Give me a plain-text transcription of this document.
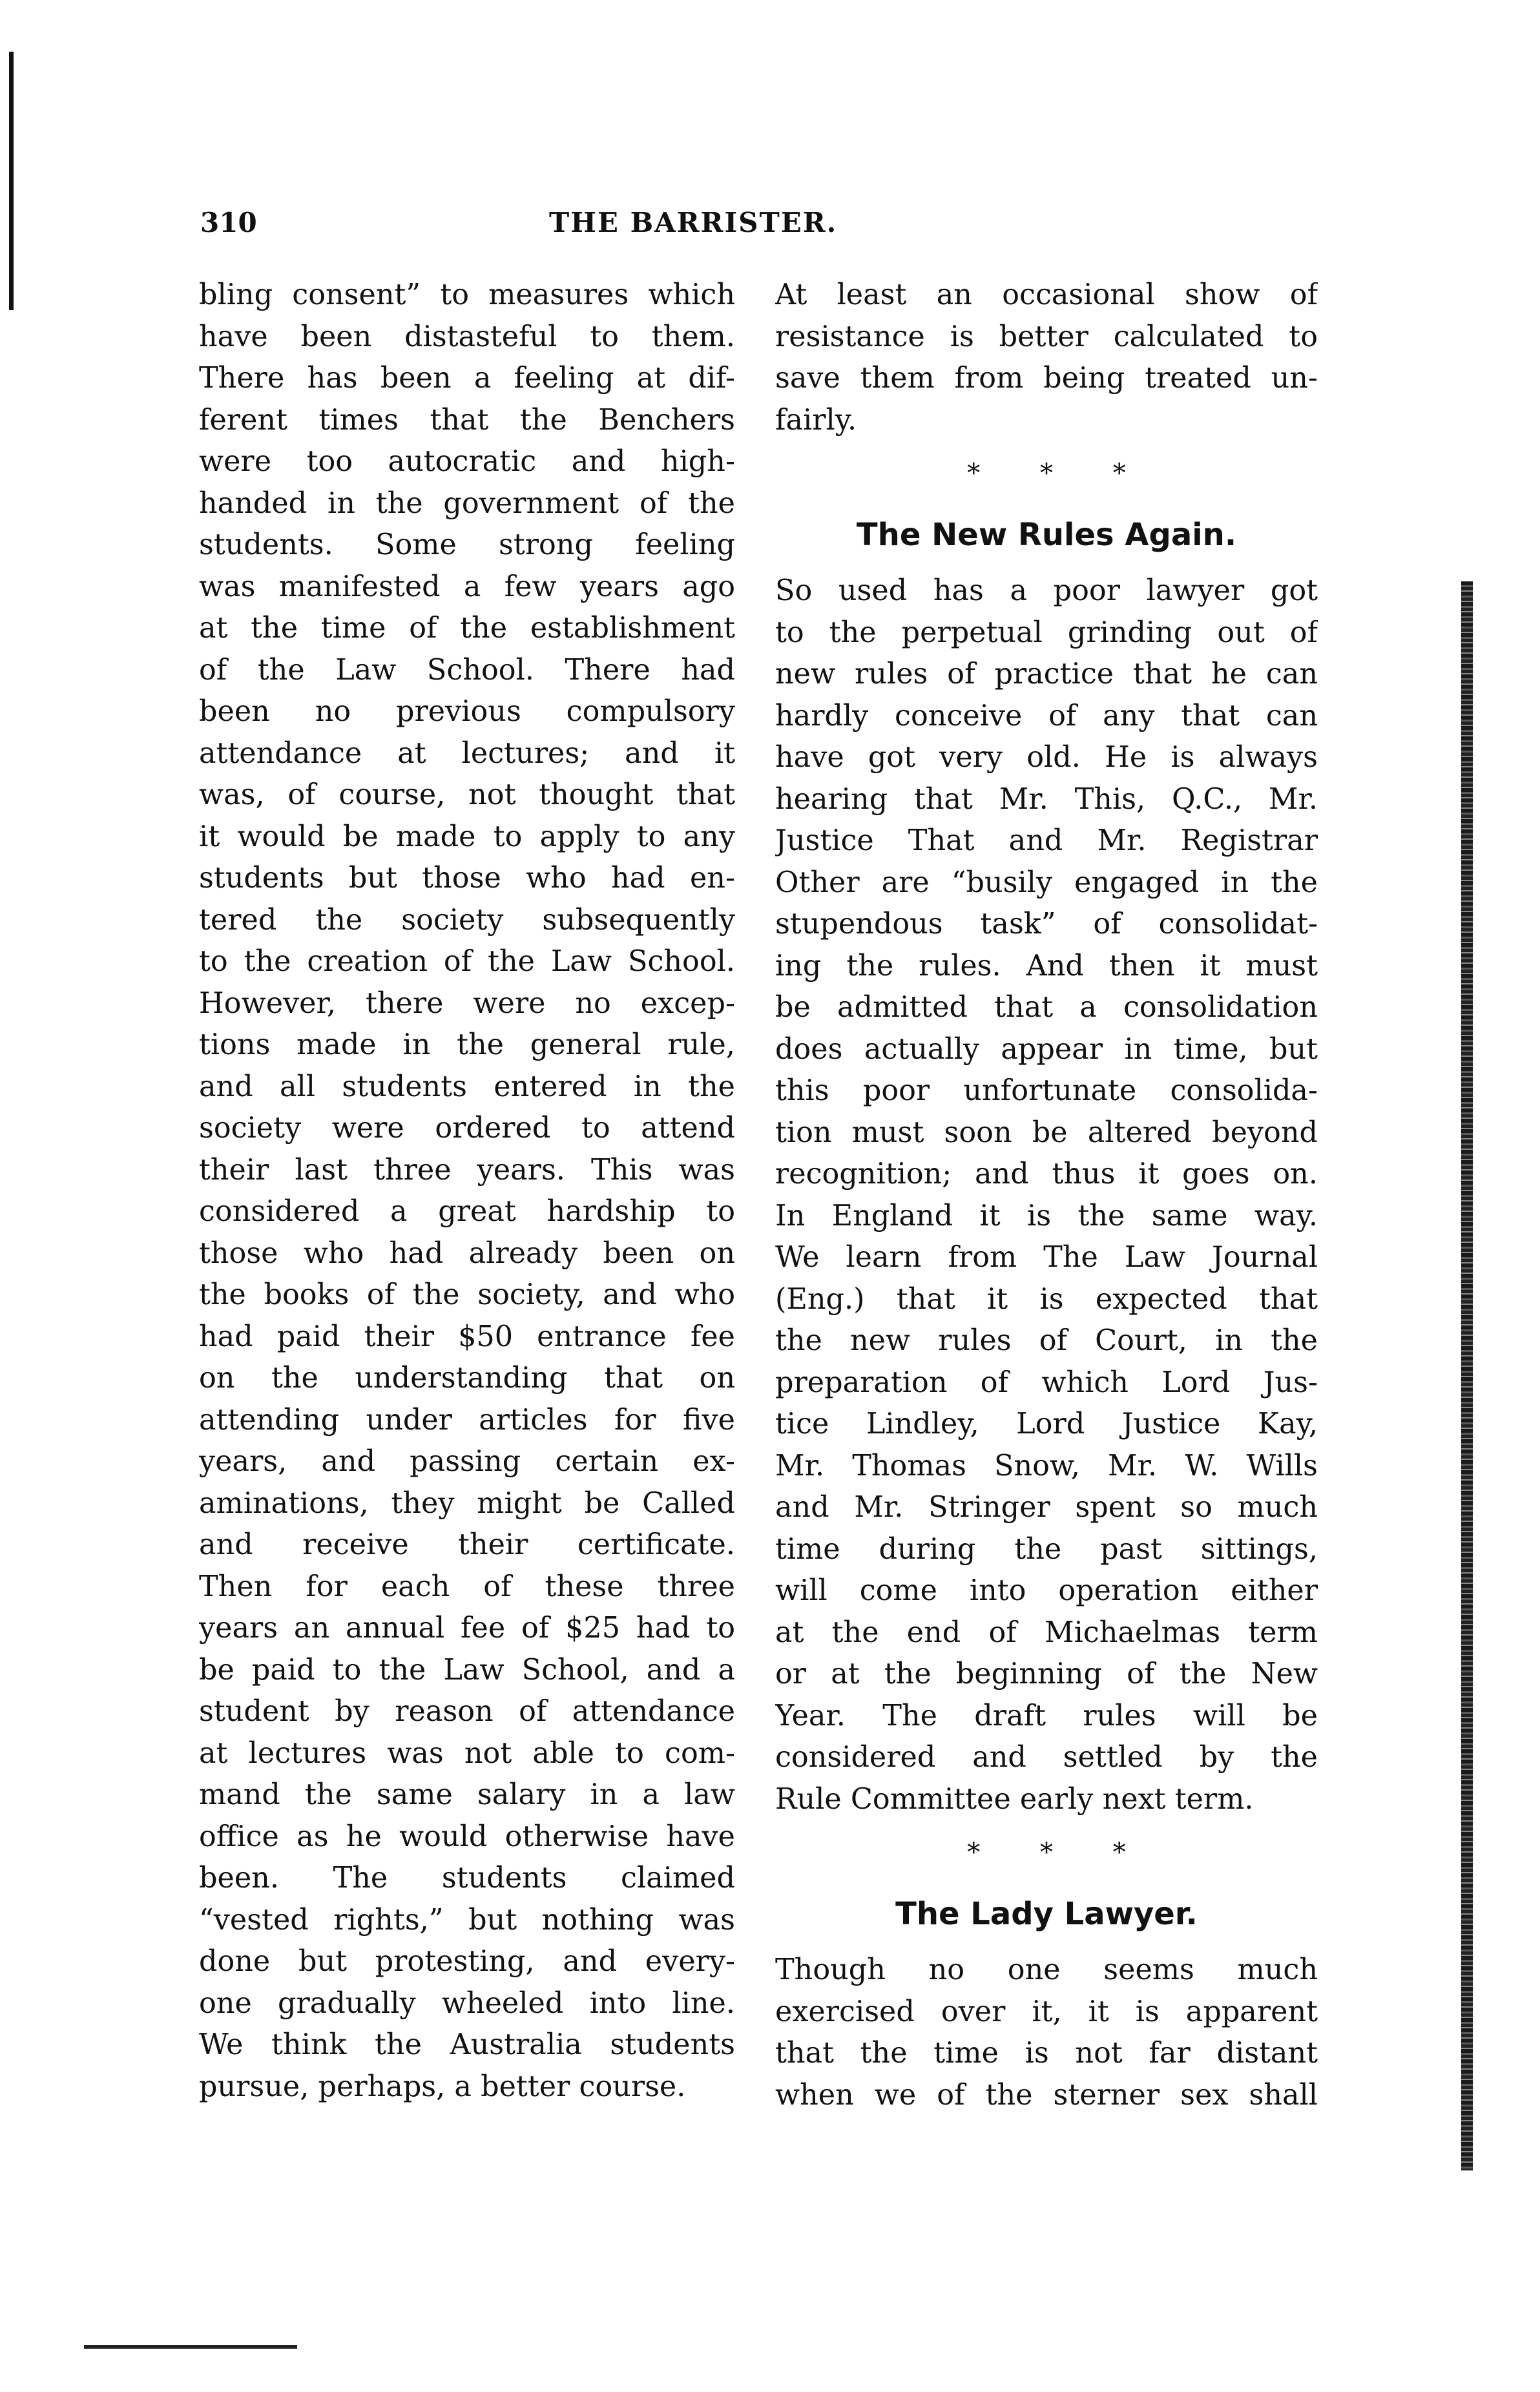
310	THE BARRISTER.
bling consent” to measures which
have been distasteful to them.
There has been a feeling at dif-
ferent times that the Benchers
were too autocratic and high-
handed in the government of the
students. Some strong feeling
was manifested a few years ago
at the time of the establishment
of the Law School. There had
been no previous compulsory
attendance at lectures; and it
was, of course, not thought that
it would be made to apply to any
students but those who had en-
tered the society subsequently
to the creation of the Law School.
However, there were no excep-
tions made in the general rule,
and all students entered in the
society were ordered to attend
their last three years. This was
considered a great hardship to
those who had already been on
the books of the society, and who
had paid their $50 entrance fee
on the understanding that on
attending under articles for five
years, and passing certain ex-
aminations, they might be Called
and receive their certificate.
Then for each of these three
years an annual fee of $25 had to
be paid to the Law School, and a
student by reason of attendance
at lectures was not able to com-
mand the same salary in a law
office as he would otherwise have
been. The students claimed
“vested rights,” but nothing was
done but protesting, and every-
one gradually wheeled into line.
We think the Australia students
pursue, perhaps, a better course.
At least an occasional show of
resistance is better calculated to
save them from being treated un-
fairly.
* * *
The New Rules Again.
So used has a poor lawyer got
to the perpetual grinding out of
new rules of practice that he can
hardly conceive of any that can
have got very old. He is always
hearing that Mr. This, Q.C., Mr.
Justice That and Mr. Registrar
Other are “busily engaged in the
stupendous task” of consolidat-
ing the rules. And then it must
be admitted that a consolidation
does actually appear in time, but
this poor unfortunate consolida-
tion must soon be altered beyond
recognition; and thus it goes on.
In England it is the same way.
We learn from The Law Journal
(Eng.) that it is expected that
the new rules of Court, in the
preparation of which Lord Jus-
tice Lindley, Lord Justice Kay,
Mr. Thomas Snow, Mr. W. Wills
and Mr. Stringer spent so much
time during the past sittings,
will come into operation either
at the end of Michaelmas term
or at the beginning of the New
Year. The draft rules will be
considered and settled by the
Rule Committee early next term.
* * *
The Lady Lawyer.
Though no one seems much
exercised over it, it is apparent
that the time is not far distant
when we of the sterner sex shall
